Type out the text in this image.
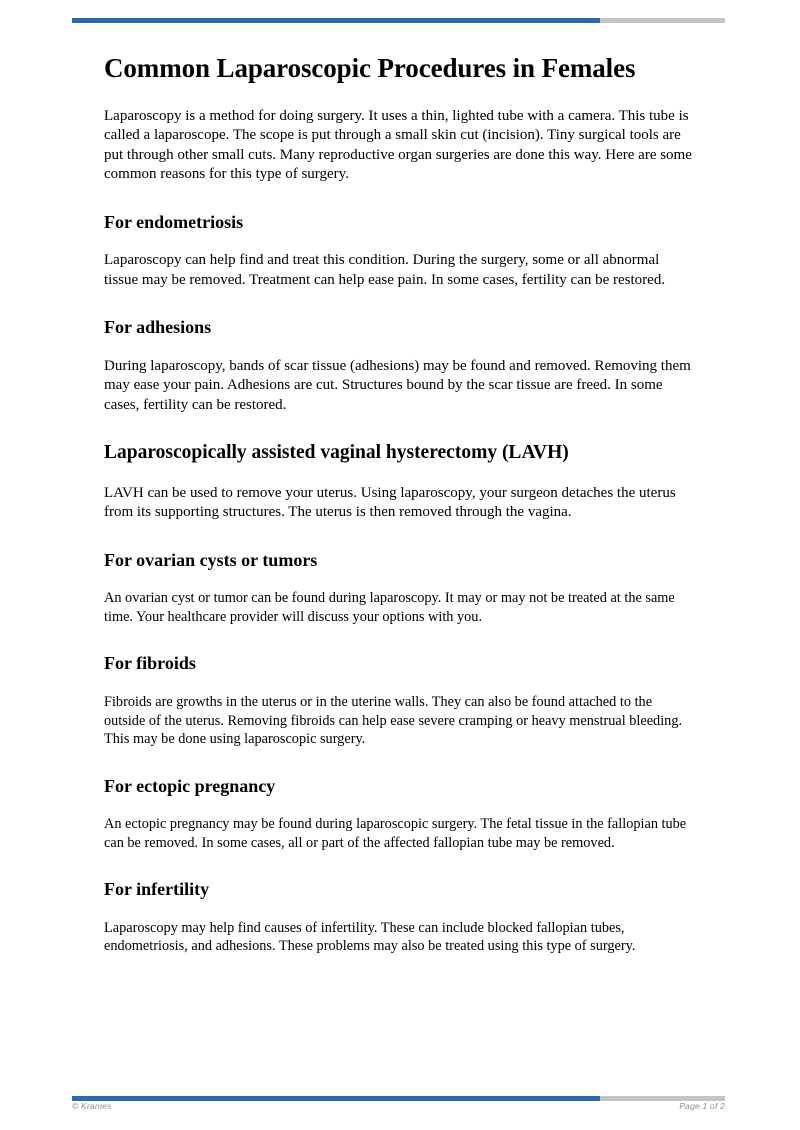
Common Laparoscopic Procedures in Females

Laparoscopy is a method for doing surgery. It uses a thin, lighted tube with a camera. This tube is called a laparoscope. The scope is put through a small skin cut (incision). Tiny surgical tools are put through other small cuts. Many reproductive organ surgeries are done this way. Here are some common reasons for this type of surgery.

For endometriosis

Laparoscopy can help find and treat this condition. During the surgery, some or all abnormal tissue may be removed. Treatment can help ease pain. In some cases, fertility can be restored.

For adhesions

During laparoscopy, bands of scar tissue (adhesions) may be found and removed. Removing them may ease your pain. Adhesions are cut. Structures bound by the scar tissue are freed. In some cases, fertility can be restored.

Laparoscopically assisted vaginal hysterectomy (LAVH)

LAVH can be used to remove your uterus. Using laparoscopy, your surgeon detaches the uterus from its supporting structures. The uterus is then removed through the vagina.

For ovarian cysts or tumors

An ovarian cyst or tumor can be found during laparoscopy. It may or may not be treated at the same time. Your healthcare provider will discuss your options with you.

For fibroids

Fibroids are growths in the uterus or in the uterine walls. They can also be found attached to the outside of the uterus. Removing fibroids can help ease severe cramping or heavy menstrual bleeding. This may be done using laparoscopic surgery.

For ectopic pregnancy

An ectopic pregnancy may be found during laparoscopic surgery. The fetal tissue in the fallopian tube can be removed. In some cases, all or part of the affected fallopian tube may be removed.

For infertility

Laparoscopy may help find causes of infertility. These can include blocked fallopian tubes, endometriosis, and adhesions. These problems may also be treated using this type of surgery.

© Krames	Page 1 of 2
